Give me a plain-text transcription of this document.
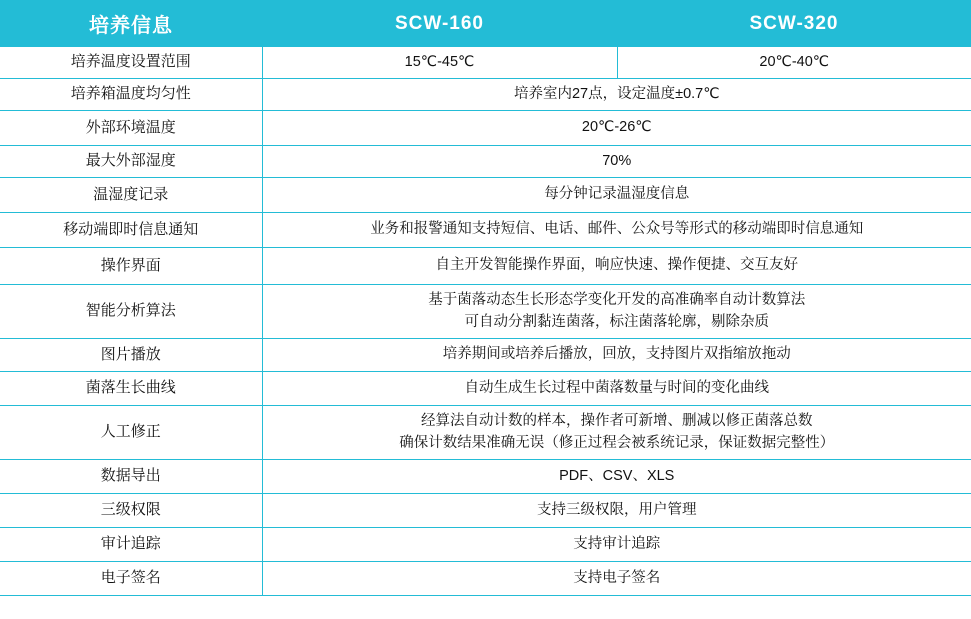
培养信息	SCW-160	SCW-320
培养温度设置范围	15℃-45℃	20℃-40℃
培养箱温度均匀性	培养室内27点，设定温度±0.7℃	
外部环境温度	20℃-26℃	
最大外部湿度	70%	
温湿度记录	每分钟记录温湿度信息	
移动端即时信息通知	业务和报警通知支持短信、电话、邮件、公众号等形式的移动端即时信息通知	
操作界面	自主开发智能操作界面，响应快速、操作便捷、交互友好	
智能分析算法	基于菌落动态生长形态学变化开发的高准确率自动计数算法
可自动分割黏连菌落，标注菌落轮廓，剔除杂质	

图片播放	培养期间或培养后播放，回放，支持图片双指缩放拖动	
菌落生长曲线	自动生成生长过程中菌落数量与时间的变化曲线	
人工修正	经算法自动计数的样本，操作者可新增、删减以修正菌落总数
确保计数结果准确无误（修正过程会被系统记录，保证数据完整性）	

数据导出	PDF、CSV、XLS	
三级权限	支持三级权限，用户管理	
审计追踪	支持审计追踪	
电子签名	支持电子签名	
